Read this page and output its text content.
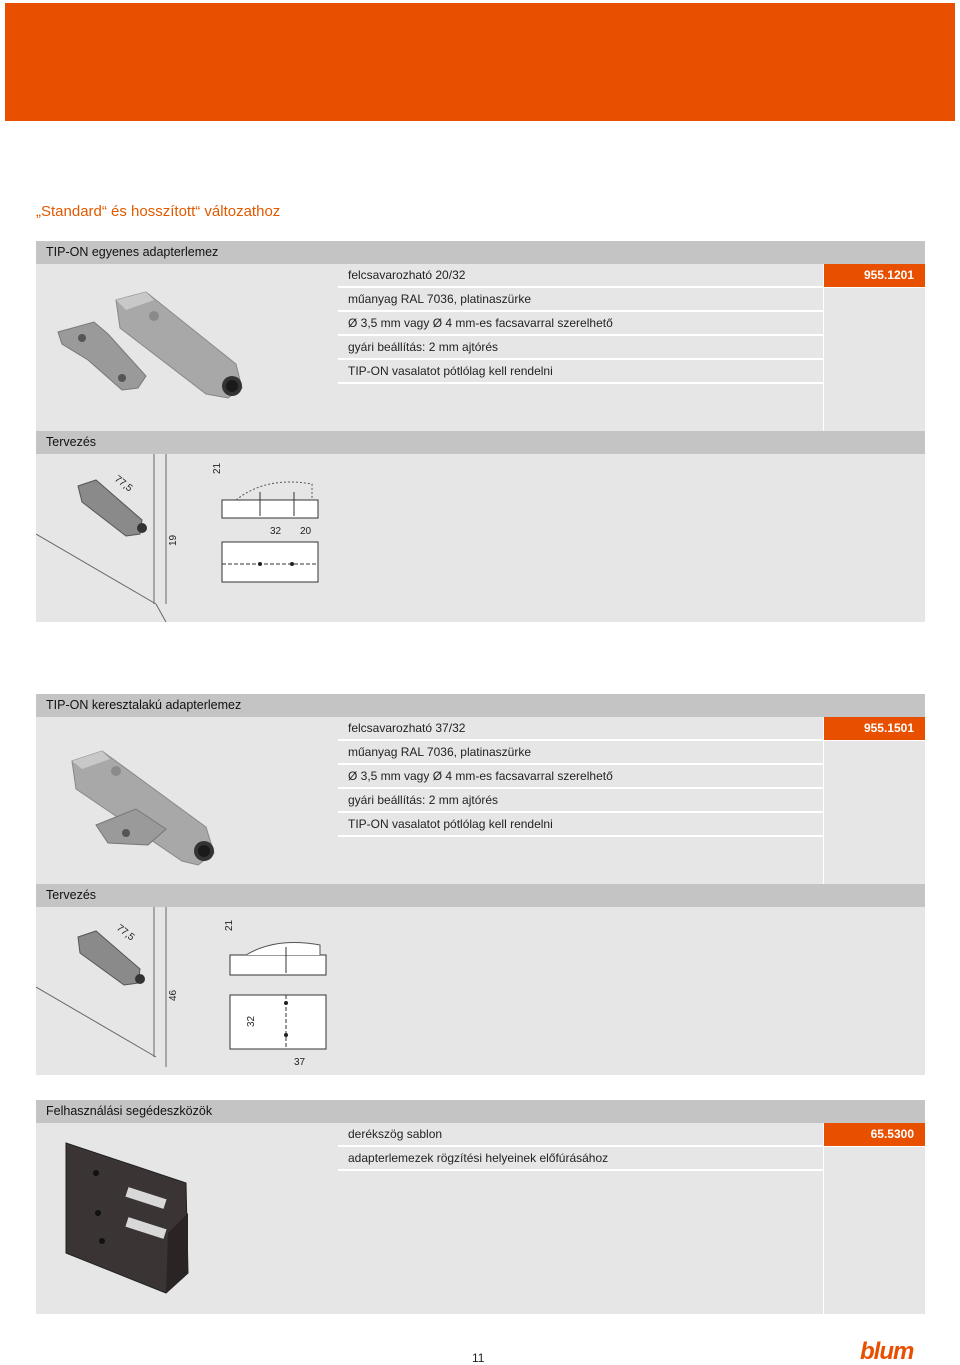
„Standard“ és hosszított“ változathoz
TIP-ON egyenes adapterlemez
felcsavarozható 20/32
műanyag RAL 7036, platinaszürke
Ø 3,5 mm vagy Ø 4 mm-es facsavarral szerelhető
gyári beállítás: 2 mm ajtórés
TIP-ON vasalatot pótlólag kell rendelni
955.1201
Tervezés
77,5
19
21
32 20
TIP-ON keresztalakú adapterlemez
felcsavarozható 37/32
műanyag RAL 7036, platinaszürke
Ø 3,5 mm vagy Ø 4 mm-es facsavarral szerelhető
gyári beállítás: 2 mm ajtórés
TIP-ON vasalatot pótlólag kell rendelni
955.1501
Tervezés
77,5
46
21
32
37
Felhasználási segédeszközök
derékszög sablon
adapterlemezek rögzítési helyeinek előfúrásához
65.5300
11	blum
